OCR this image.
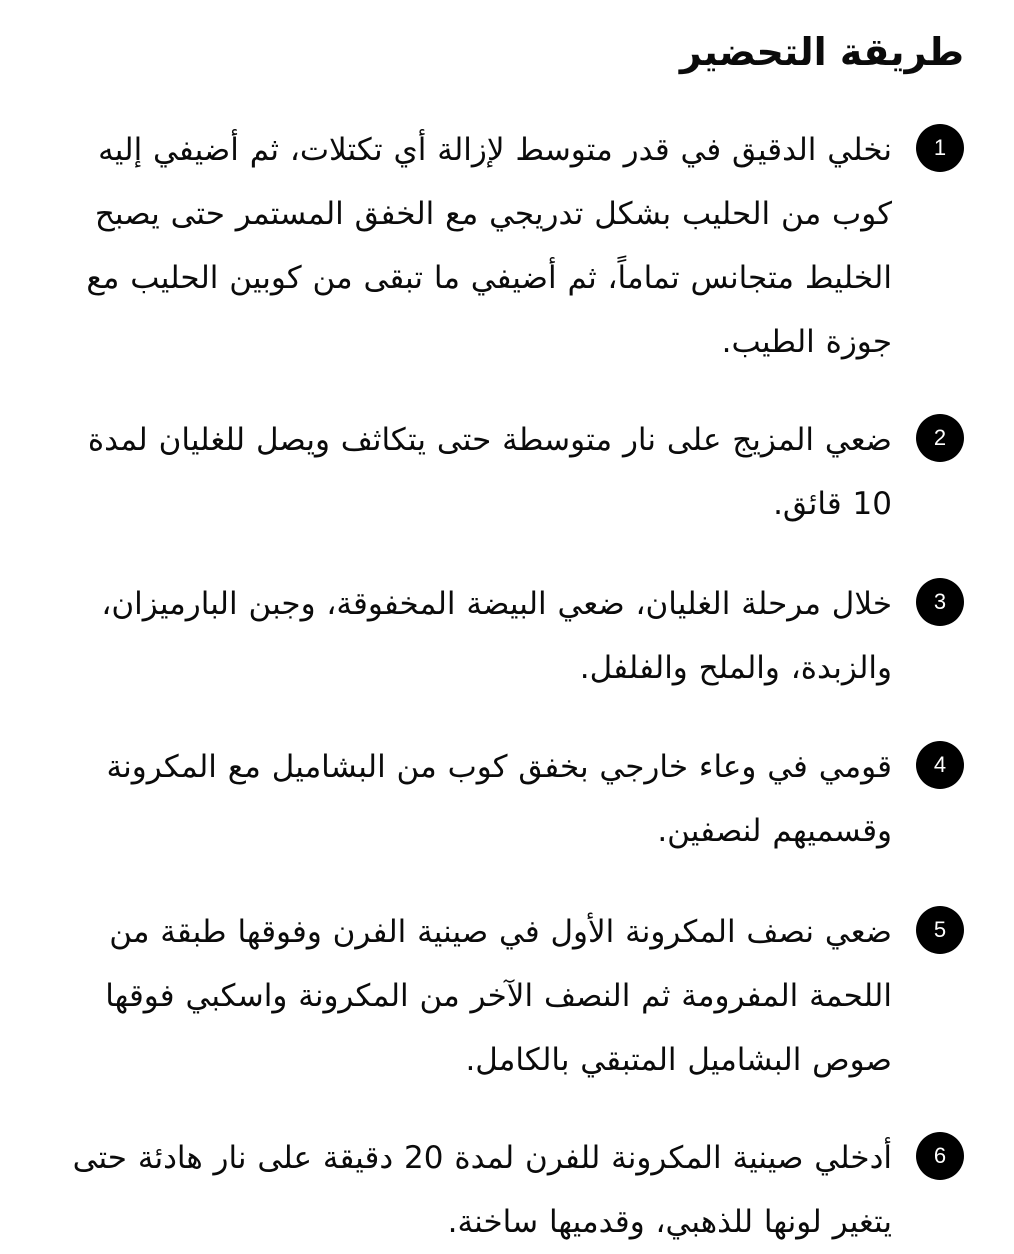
طريقة التحضير
1

نخلي الدقيق في قدر متوسط لإزالة أي تكتلات، ثم أضيفي إليه كوب من الحليب بشكل تدريجي مع الخفق المستمر حتى يصبح الخليط متجانس تماماً، ثم أضيفي ما تبقى من كوبين الحليب مع جوزة الطيب.

2

ضعي المزيج على نار متوسطة حتى يتكاثف ويصل للغليان لمدة 10 قائق.

3

خلال مرحلة الغليان، ضعي البيضة المخفوقة، وجبن البارميزان، والزبدة، والملح والفلفل.

4

قومي في وعاء خارجي بخفق كوب من البشاميل مع المكرونة وقسميهم لنصفين.

5

ضعي نصف المكرونة الأول في صينية الفرن وفوقها طبقة من اللحمة المفرومة ثم النصف الآخر من المكرونة واسكبي فوقها صوص البشاميل المتبقي بالكامل.

6

أدخلي صينية المكرونة للفرن لمدة 20 دقيقة على نار هادئة حتى يتغير لونها للذهبي، وقدميها ساخنة.
